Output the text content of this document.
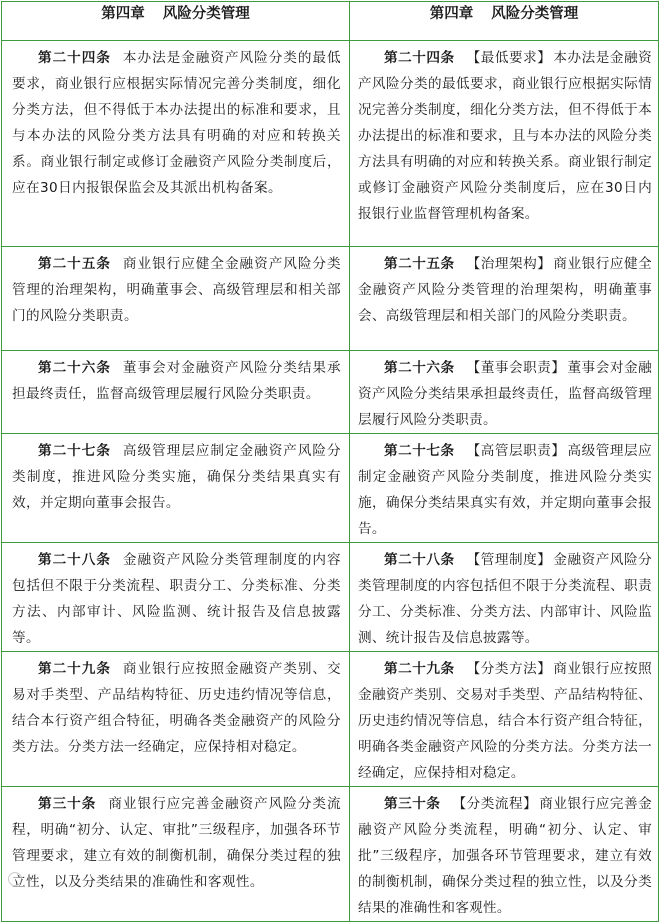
第四章 风险分类管理	第四章 风险分类管理

第二十四条 本办法是金融资产风险分类的最低要求，商业银行应根据实际情况完善分类制度，细化分类方法，但不得低于本办法提出的标准和要求，且与本办法的风险分类方法具有明确的对应和转换关系。商业银行制定或修订金融资产风险分类制度后，应在30日内报银保监会及其派出机构备案。	第二十四条 【最低要求】 本办法是金融资产风险分类的最低要求，商业银行应根据实际情况完善分类制度，细化分类方法，但不得低于本办法提出的标准和要求，且与本办法的风险分类方法具有明确的对应和转换关系。商业银行制定或修订金融资产风险分类制度后，应在30日内报银行业监督管理机构备案。

第二十五条 商业银行应健全金融资产风险分类管理的治理架构，明确董事会、高级管理层和相关部门的风险分类职责。	第二十五条 【治理架构】 商业银行应健全金融资产风险分类管理的治理架构，明确董事会、高级管理层和相关部门的风险分类职责。

第二十六条 董事会对金融资产风险分类结果承担最终责任，监督高级管理层履行风险分类职责。	第二十六条 【董事会职责】 董事会对金融资产风险分类结果承担最终责任，监督高级管理层履行风险分类职责。

第二十七条 高级管理层应制定金融资产风险分类制度，推进风险分类实施，确保分类结果真实有效，并定期向董事会报告。	第二十七条 【高管层职责】 高级管理层应制定金融资产风险分类制度，推进风险分类实施，确保分类结果真实有效，并定期向董事会报告。

第二十八条 金融资产风险分类管理制度的内容包括但不限于分类流程、职责分工、分类标准、分类方法、内部审计、风险监测、统计报告及信息披露等。	第二十八条 【管理制度】 金融资产风险分类管理制度的内容包括但不限于分类流程、职责分工、分类标准、分类方法、内部审计、风险监测、统计报告及信息披露等。

第二十九条 商业银行应按照金融资产类别、交易对手类型、产品结构特征、历史违约情况等信息，结合本行资产组合特征，明确各类金融资产的风险分类方法。分类方法一经确定，应保持相对稳定。	第二十九条 【分类方法】 商业银行应按照金融资产类别、交易对手类型、产品结构特征、历史违约情况等信息，结合本行资产组合特征，明确各类金融资产风险的分类方法。分类方法一经确定，应保持相对稳定。

第三十条 商业银行应完善金融资产风险分类流程，明确“初分、认定、审批”三级程序，加强各环节管理要求，建立有效的制衡机制，确保分类过程的独立性，以及分类结果的准确性和客观性。	第三十条 【分类流程】 商业银行应完善金融资产风险分类流程，明确“初分、认定、审批”三级程序，加强各环节管理要求，建立有效的制衡机制，确保分类过程的独立性，以及分类结果的准确性和客观性。
